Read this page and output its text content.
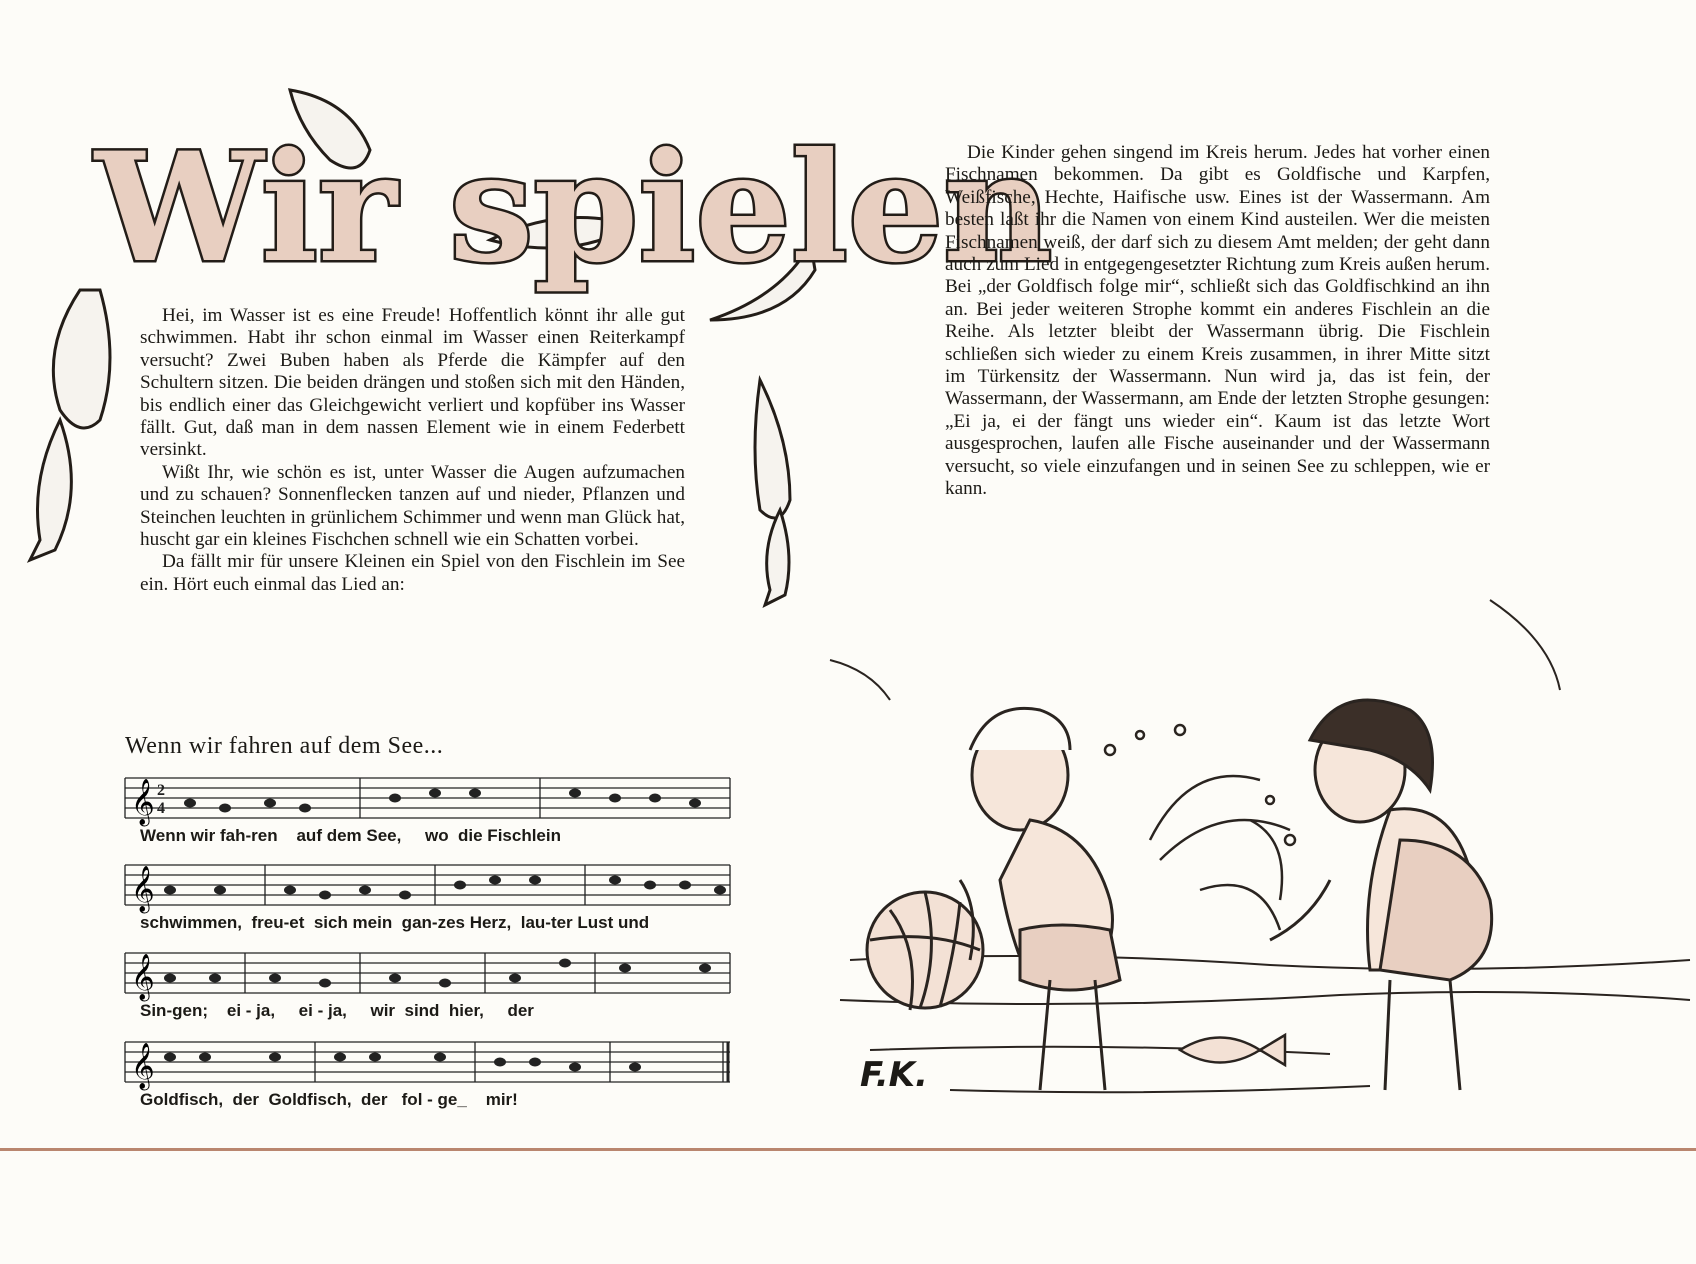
Wir spielen

Hei, im Wasser ist es eine Freude! Hoffentlich könnt ihr alle gut schwimmen. Habt ihr schon einmal im Wasser einen Reiterkampf versucht? Zwei Buben haben als Pferde die Kämpfer auf den Schultern sitzen. Die beiden drängen und stoßen sich mit den Händen, bis endlich einer das Gleichgewicht verliert und kopfüber ins Wasser fällt. Gut, daß man in dem nassen Element wie in einem Federbett versinkt.

Wißt Ihr, wie schön es ist, unter Wasser die Augen aufzumachen und zu schauen? Sonnenflecken tanzen auf und nieder, Pflanzen und Steinchen leuchten in grünlichem Schimmer und wenn man Glück hat, huscht gar ein kleines Fischchen schnell wie ein Schatten vorbei.

Da fällt mir für unsere Kleinen ein Spiel von den Fischlein im See ein. Hört euch einmal das Lied an:

Die Kinder gehen singend im Kreis herum. Jedes hat vorher einen Fischnamen bekommen. Da gibt es Goldfische und Karpfen, Weißfische, Hechte, Haifische usw. Eines ist der Wassermann. Am besten laßt ihr die Namen von einem Kind austeilen. Wer die meisten Fischnamen weiß, der darf sich zu diesem Amt melden; der geht dann auch zum Lied in entgegengesetzter Richtung zum Kreis außen herum. Bei „der Goldfisch folge mir“, schließt sich das Goldfischkind an ihn an. Bei jeder weiteren Strophe kommt ein anderes Fischlein an die Reihe. Als letzter bleibt der Wassermann übrig. Die Fischlein schließen sich wieder zu einem Kreis zusammen, in ihrer Mitte sitzt im Türkensitz der Wassermann. Nun wird ja, das ist fein, der Wassermann, der Wassermann, am Ende der letzten Strophe gesungen: „Ei ja, ei der fängt uns wieder ein“. Kaum ist das letzte Wort ausgesprochen, laufen alle Fische auseinander und der Wassermann versucht, so viele einzufangen und in seinen See zu schleppen, wie er kann.

Wenn wir fahren auf dem See...
𝄞 2
4
Wenn wir fah-ren    auf dem See,     wo  die Fischlein
𝄞
schwimmen,  freu-et  sich mein  gan-zes Herz,  lau-ter Lust und
𝄞
Sin-gen;    ei - ja,     ei - ja,     wir  sind  hier,     der
𝄞
Goldfisch,  der  Goldfisch,  der   fol - ge_    mir!
F.K.
